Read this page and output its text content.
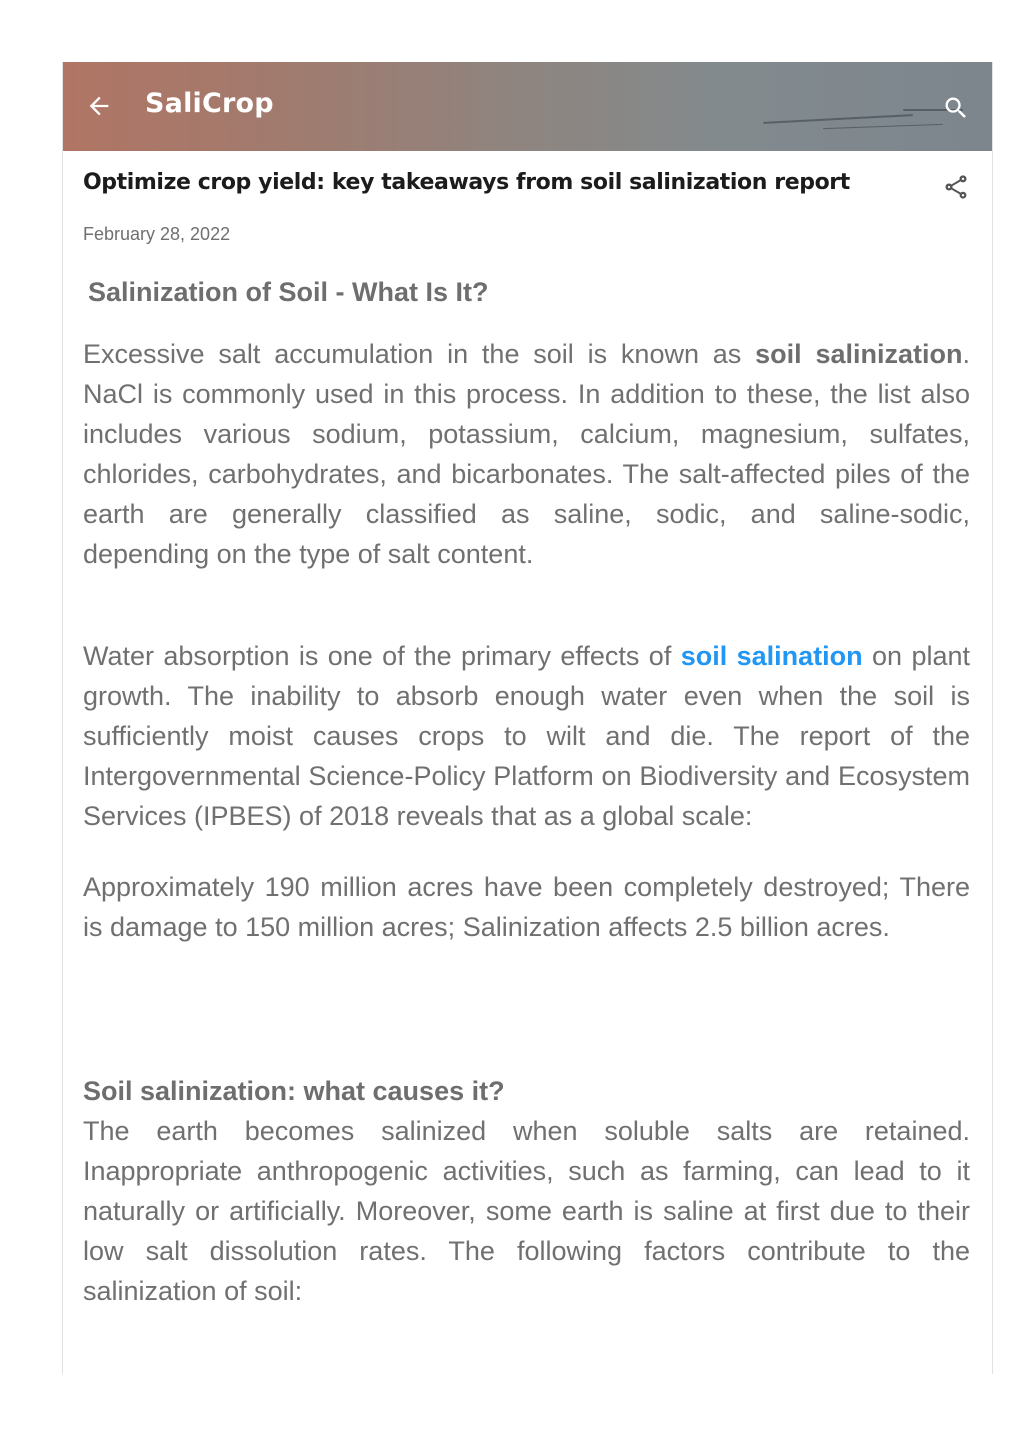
SaliCrop
Optimize crop yield: key takeaways from soil salinization report
February 28, 2022
Salinization of Soil - What Is It?

Excessive salt accumulation in the soil is known as soil salinization. NaCl is commonly used in this process. In addition to these, the list also includes various sodium, potassium, calcium, magnesium, sulfates, chlorides, carbohydrates, and bicarbonates. The salt-affected piles of the earth are generally classified as saline, sodic, and saline-sodic, depending on the type of salt content.

Water absorption is one of the primary effects of soil salination on plant growth. The inability to absorb enough water even when the soil is sufficiently moist causes crops to wilt and die. The report of the Intergovernmental Science-Policy Platform on Biodiversity and Ecosystem Services (IPBES) of 2018 reveals that as a global scale:

Approximately 190 million acres have been completely destroyed; There is damage to 150 million acres; Salinization affects 2.5 billion acres.

Soil salinization: what causes it?

The earth becomes salinized when soluble salts are retained. Inappropriate anthropogenic activities, such as farming, can lead to it naturally or artificially. Moreover, some earth is saline at first due to their low salt dissolution rates. The following factors contribute to the salinization of soil:
